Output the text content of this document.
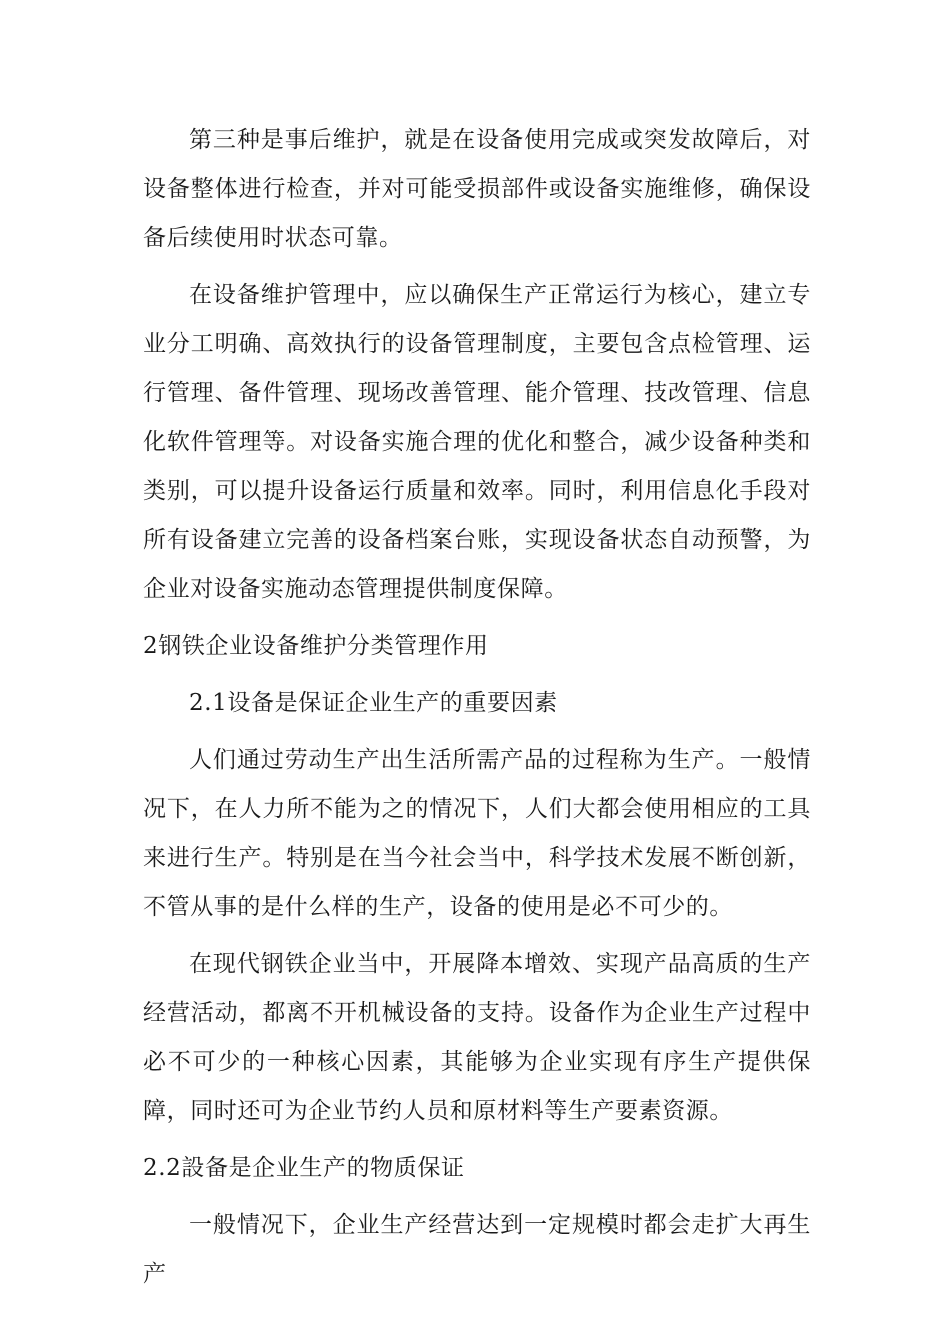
第三种是事后维护，就是在设备使用完成或突发故障后，对设备整体进行检查，并对可能受损部件或设备实施维修，确保设备后续使用时状态可靠。

在设备维护管理中，应以确保生产正常运行为核心，建立专业分工明确、高效执行的设备管理制度，主要包含点检管理、运行管理、备件管理、现场改善管理、能介管理、技改管理、信息化软件管理等。对设备实施合理的优化和整合，减少设备种类和类别，可以提升设备运行质量和效率。同时，利用信息化手段对所有设备建立完善的设备档案台账，实现设备状态自动预警，为企业对设备实施动态管理提供制度保障。

2钢铁企业设备维护分类管理作用

2.1设备是保证企业生产的重要因素

人们通过劳动生产出生活所需产品的过程称为生产。一般情况下，在人力所不能为之的情况下，人们大都会使用相应的工具来进行生产。特别是在当今社会当中，科学技术发展不断创新，不管从事的是什么样的生产，设备的使用是必不可少的。

在现代钢铁企业当中，开展降本增效、实现产品高质的生产经营活动，都离不开机械设备的支持。设备作为企业生产过程中必不可少的一种核心因素，其能够为企业实现有序生产提供保障，同时还可为企业节约人员和原材料等生产要素资源。

2.2設备是企业生产的物质保证

一般情况下，企业生产经营达到一定规模时都会走扩大再生产
